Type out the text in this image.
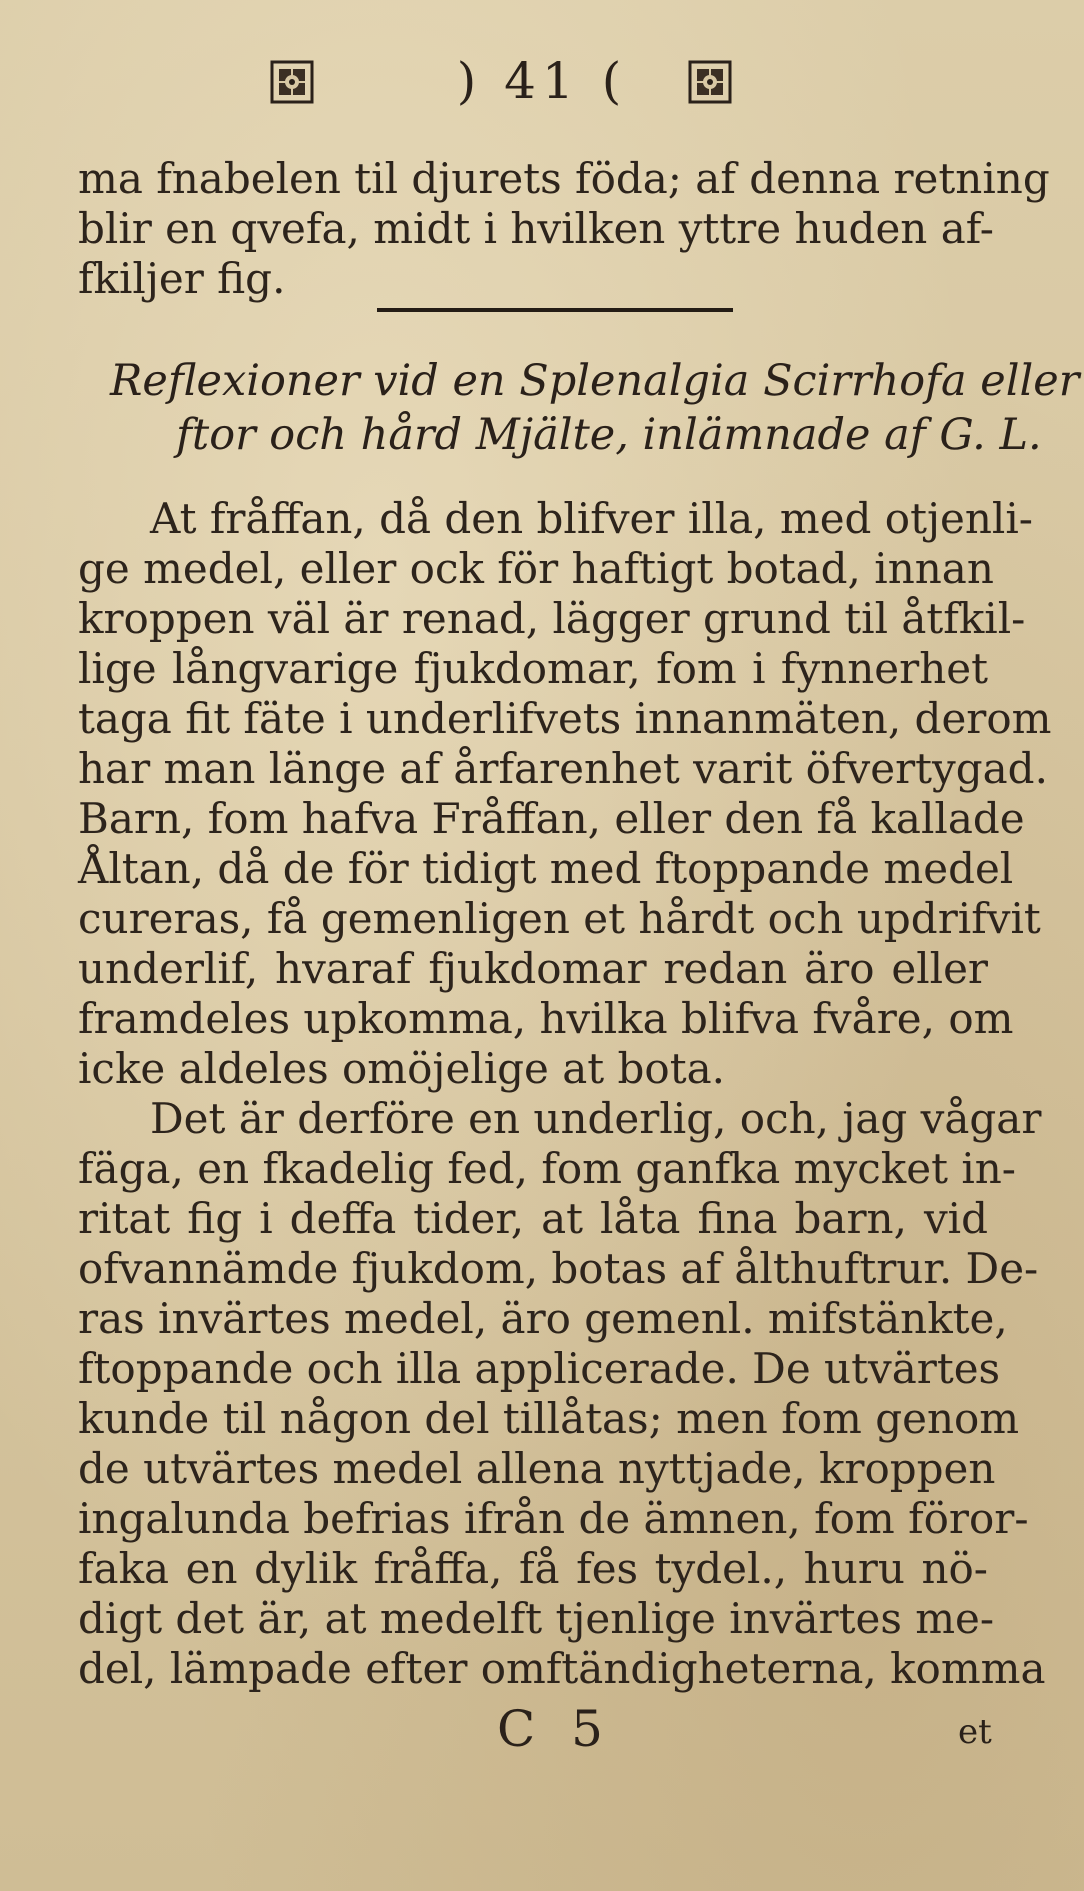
) 41 (
ma fnabelen til djurets föda; af denna retning
blir en qvefa, midt i hvilken yttre huden af-
fkiljer fig.
Reflexioner vid en Splenalgia Scirrhofa eller
ftor och hård Mjälte, inlämnade af G. L.
At fråffan, då den blifver illa, med otjenli-
ge medel, eller ock för haftigt botad, innan
kroppen väl är renad, lägger grund til åtfkil-
lige långvarige fjukdomar, fom i fynnerhet
taga fit fäte i underlifvets innanmäten, derom
har man länge af årfarenhet varit öfvertygad.
Barn, fom hafva Fråffan, eller den få kallade
Åltan, då de för tidigt med ftoppande medel
cureras, få gemenligen et hårdt och updrifvit
underlif, hvaraf fjukdomar redan äro eller
framdeles upkomma, hvilka blifva fvåre, om
icke aldeles omöjelige at bota.
Det är derföre en underlig, och, jag vågar
fäga, en fkadelig fed, fom ganfka mycket in-
ritat fig i deffa tider, at låta fina barn, vid
ofvannämde fjukdom, botas af ålthuftrur. De-
ras invärtes medel, äro gemenl. mifstänkte,
ftoppande och illa applicerade. De utvärtes
kunde til någon del tillåtas; men fom genom
de utvärtes medel allena nyttjade, kroppen
ingalunda befrias ifrån de ämnen, fom föror-
faka en dylik fråffa, få fes tydel., huru nö-
digt det är, at medelft tjenlige invärtes me-
del, lämpade efter omftändigheterna, komma
C 5	et
